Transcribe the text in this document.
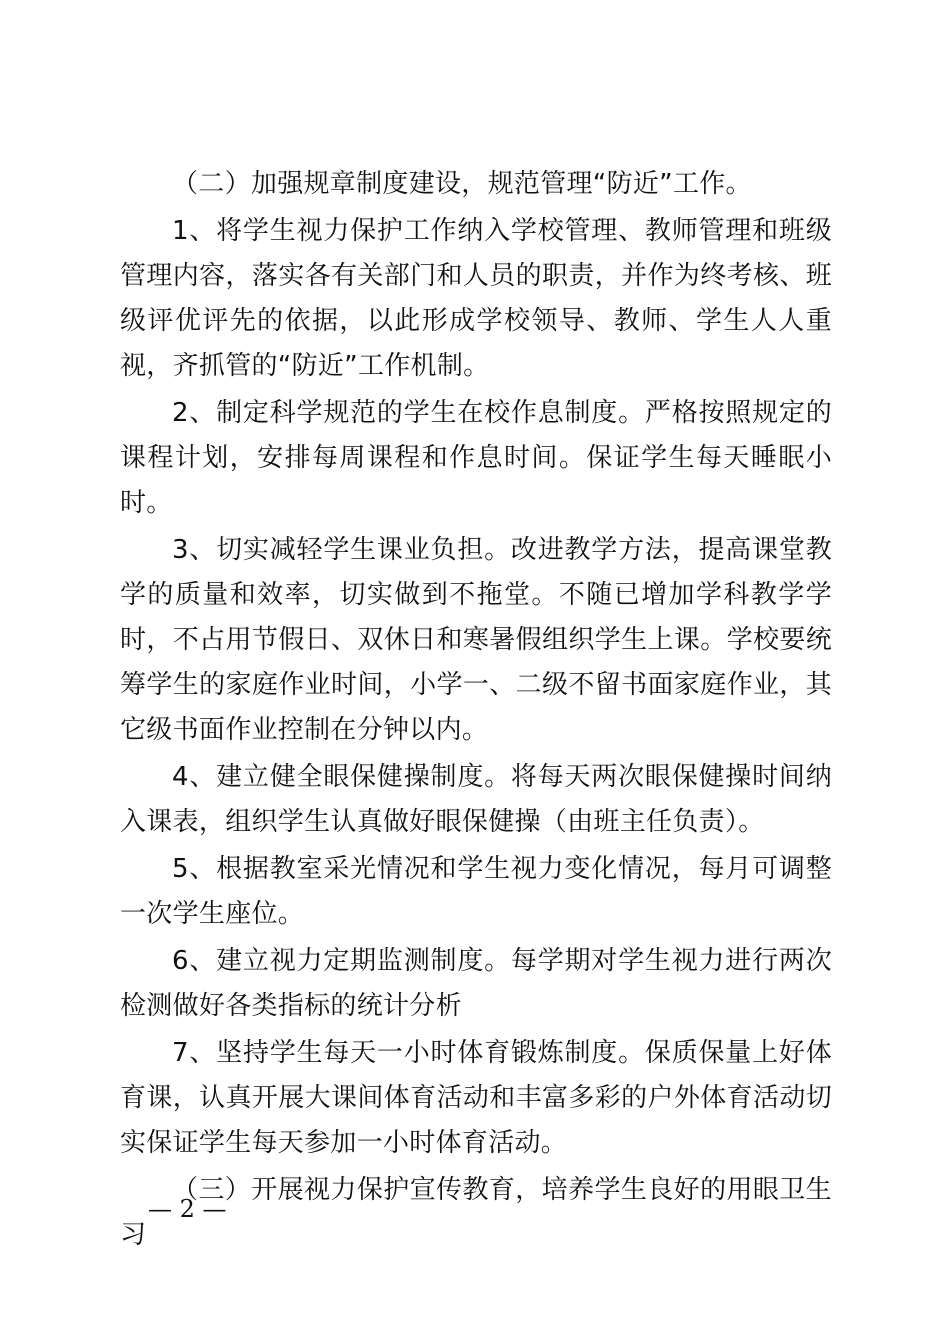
（二）加强规章制度建设，规范管理“防近”工作。

1、将学生视力保护工作纳入学校管理、教师管理和班级管理内容，落实各有关部门和人员的职责，并作为终考核、班级评优评先的依据，以此形成学校领导、教师、学生人人重视，齐抓管的“防近”工作机制。

2、制定科学规范的学生在校作息制度。严格按照规定的课程计划，安排每周课程和作息时间。保证学生每天睡眠小时。

3、切实减轻学生课业负担。改进教学方法，提高课堂教学的质量和效率，切实做到不拖堂。不随已增加学科教学学时，不占用节假日、双休日和寒暑假组织学生上课。学校要统筹学生的家庭作业时间，小学一、二级不留书面家庭作业，其它级书面作业控制在分钟以内。

4、建立健全眼保健操制度。将每天两次眼保健操时间纳入课表，组织学生认真做好眼保健操（由班主任负责）。

5、根据教室采光情况和学生视力变化情况，每月可调整一次学生座位。

6、建立视力定期监测制度。每学期对学生视力进行两次检测做好各类指标的统计分析

7、坚持学生每天一小时体育锻炼制度。保质保量上好体育课，认真开展大课间体育活动和丰富多彩的户外体育活动切实保证学生每天参加一小时体育活动。

（三）开展视力保护宣传教育，培养学生良好的用眼卫生习

— 2 —
